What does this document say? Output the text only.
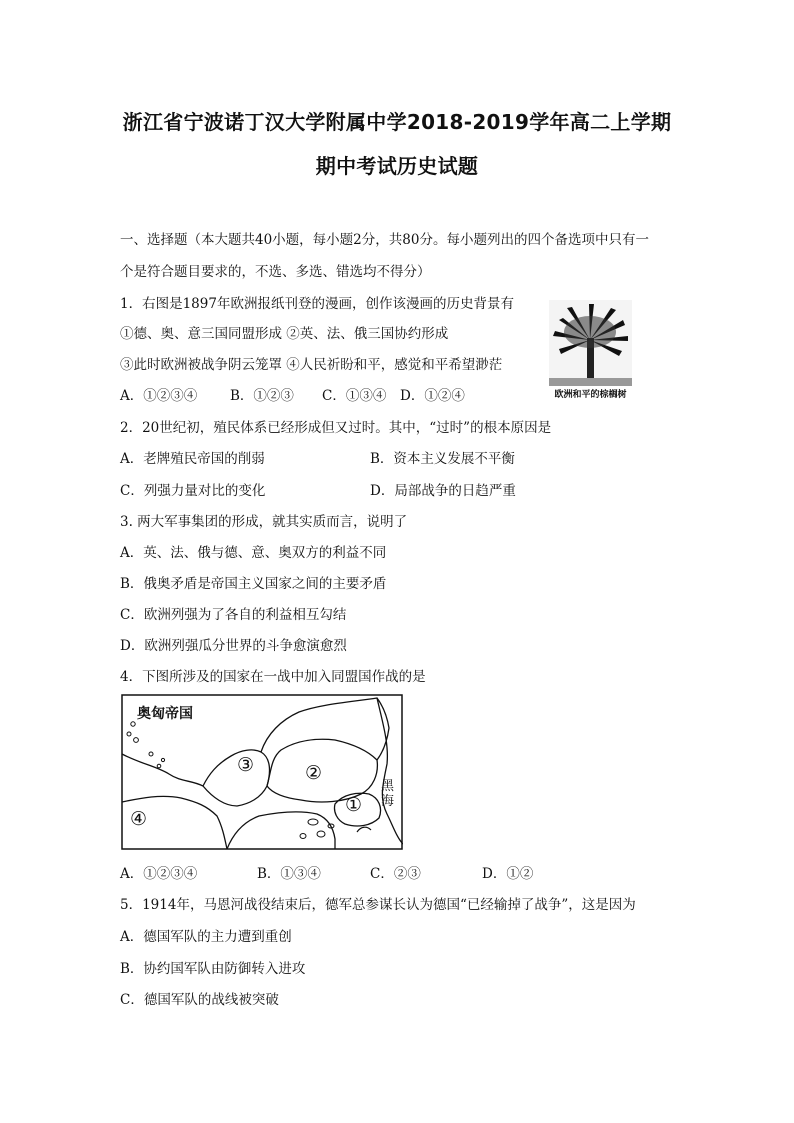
浙江省宁波诺丁汉大学附属中学2018-2019学年高二上学期
期中考试历史试题
一、选择题（本大题共40小题，每小题2分，共80分。每小题列出的四个备选项中只有一
个是符合题目要求的，不选、多选、错选均不得分）
1．右图是1897年欧洲报纸刊登的漫画，创作该漫画的历史背景有
①德、奥、意三国同盟形成 ②英、法、俄三国协约形成
③此时欧洲被战争阴云笼罩 ④人民祈盼和平，感觉和平希望渺茫
A．①②③④ B．①②③ C．①③④ D．①②④	欧洲和平的棕榈树
2．20世纪初，殖民体系已经形成但又过时。其中，“过时”的根本原因是
A．老牌殖民帝国的削弱	B．资本主义发展不平衡
C．列强力量对比的变化	D．局部战争的日趋严重
3. 两大军事集团的形成，就其实质而言，说明了
A．英、法、俄与德、意、奥双方的利益不同
B．俄奥矛盾是帝国主义国家之间的主要矛盾
C．欧洲列强为了各自的利益相互勾结
D．欧洲列强瓜分世界的斗争愈演愈烈
4．下图所涉及的国家在一战中加入同盟国作战的是
奥匈帝国
黑海
①
②
③
④
A．①②③④	B．①③④	C．②③	D．①②
5．1914年，马恩河战役结束后，德军总参谋长认为德国“已经输掉了战争”，这是因为
A．德国军队的主力遭到重创
B．协约国军队由防御转入进攻
C．德国军队的战线被突破
